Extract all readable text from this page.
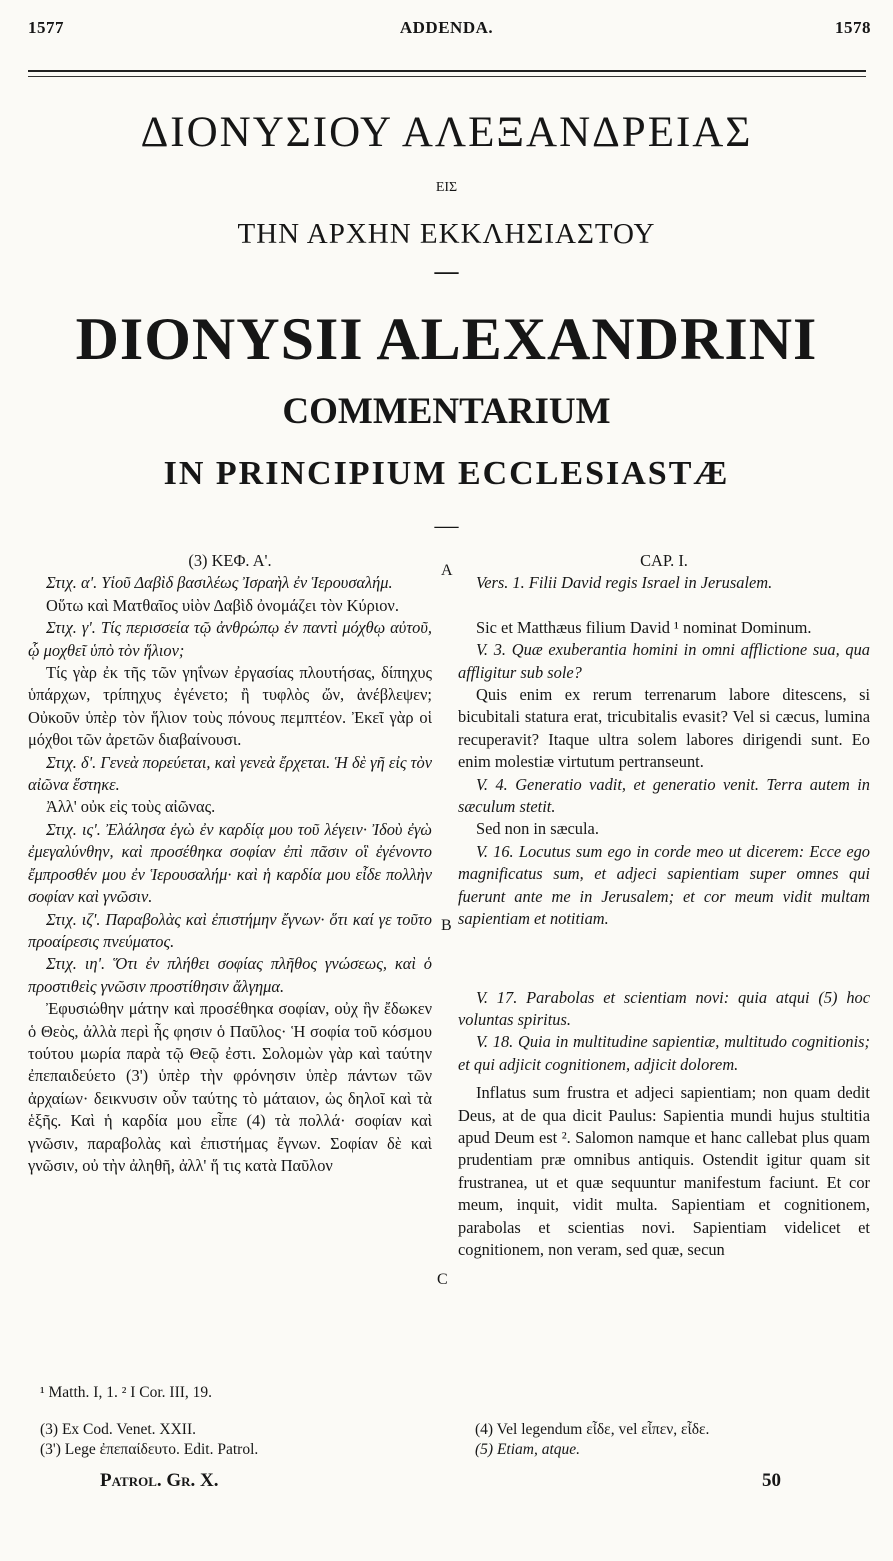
1577	ADDENDA.	1578
ΔΙΟΝΥΣΙΟΥ ΑΛΕΞΑΝΔΡΕΙΑΣ
ΕΙΣ
ΤΗΝ ΑΡΧΗΝ ΕΚΚΛΗΣΙΑΣΤΟΥ
—
DIONYSII ALEXANDRINI
COMMENTARIUM
IN PRINCIPIUM ECCLESIASTÆ
—

(3) ΚΕΦ. Α'.

Στιχ. α'. Υἱοῦ Δαβὶδ βασιλέως Ἰσραὴλ ἐν Ἱερουσαλήμ.

Οὕτω καὶ Ματθαῖος υἱὸν Δαβὶδ ὀνομάζει τὸν Κύριον.

Στιχ. γ'. Τίς περισσεία τῷ ἀνθρώπῳ ἐν παντὶ μόχθῳ αὐτοῦ, ᾧ μοχθεῖ ὑπὸ τὸν ἥλιον;

Τίς γὰρ ἐκ τῆς τῶν γηΐνων ἐργασίας πλουτήσας, δίπηχυς ὑπάρχων, τρίπηχυς ἐγένετο; ἢ τυφλὸς ὤν, ἀνέβλεψεν; Οὐκοῦν ὑπὲρ τὸν ἥλιον τοὺς πόνους πεμπτέον. Ἐκεῖ γὰρ οἱ μόχθοι τῶν ἀρετῶν διαβαίνουσι.

Στιχ. δ'. Γενεὰ πορεύεται, καὶ γενεὰ ἔρχεται. Ἡ δὲ γῆ εἰς τὸν αἰῶνα ἕστηκε.

Ἀλλ' οὐκ εἰς τοὺς αἰῶνας.

Στιχ. ις'. Ἐλάλησα ἐγὼ ἐν καρδίᾳ μου τοῦ λέγειν· Ἰδοὺ ἐγὼ ἐμεγαλύνθην, καὶ προσέθηκα σοφίαν ἐπὶ πᾶσιν οἳ ἐγένοντο ἔμπροσθέν μου ἐν Ἱερουσαλήμ· καὶ ἡ καρδία μου εἶδε πολλὴν σοφίαν καὶ γνῶσιν.

Στιχ. ιζ'. Παραβολὰς καὶ ἐπιστήμην ἔγνων· ὅτι καί γε τοῦτο προαίρεσις πνεύματος.

Στιχ. ιη'. Ὅτι ἐν πλήθει σοφίας πλῆθος γνώσεως, καὶ ὁ προστιθεὶς γνῶσιν προστίθησιν ἄλγημα.

Ἐφυσιώθην μάτην καὶ προσέθηκα σοφίαν, οὐχ ἣν ἔδωκεν ὁ Θεὸς, ἀλλὰ περὶ ἧς φησιν ὁ Παῦλος· Ἡ σοφία τοῦ κόσμου τούτου μωρία παρὰ τῷ Θεῷ ἐστι. Σολομὼν γὰρ καὶ ταύτην ἐπεπαιδεύετο (3') ὑπὲρ τὴν φρόνησιν ὑπὲρ πάντων τῶν ἀρχαίων· δεικνυσιν οὖν ταύτης τὸ μάταιον, ὡς δηλοῖ καὶ τὰ ἑξῆς. Καὶ ἡ καρδία μου εἶπε (4) τὰ πολλά· σοφίαν καὶ γνῶσιν, παραβολὰς καὶ ἐπιστήμας ἔγνων. Σοφίαν δὲ καὶ γνῶσιν, οὐ τὴν ἀληθῆ, ἀλλ' ἥ τις κατὰ Παῦλον

A
B
C

CAP. I.

Vers. 1. Filii David regis Israel in Jerusalem.

Sic et Matthæus filium David ¹ nominat Dominum.

V. 3. Quæ exuberantia homini in omni afflictione sua, qua affligitur sub sole?

Quis enim ex rerum terrenarum labore ditescens, si bicubitali statura erat, tricubitalis evasit? Vel si cæcus, lumina recuperavit? Itaque ultra solem labores dirigendi sunt. Eo enim molestiæ virtutum pertranseunt.

V. 4. Generatio vadit, et generatio venit. Terra autem in sæculum stetit.

Sed non in sæcula.

V. 16. Locutus sum ego in corde meo ut dicerem: Ecce ego magnificatus sum, et adjeci sapientiam super omnes qui fuerunt ante me in Jerusalem; et cor meum vidit multam sapientiam et notitiam.

V. 17. Parabolas et scientiam novi: quia atqui (5) hoc voluntas spiritus.

V. 18. Quia in multitudine sapientiæ, multitudo cognitionis; et qui adjicit cognitionem, adjicit dolorem.

Inflatus sum frustra et adjeci sapientiam; non quam dedit Deus, at de qua dicit Paulus: Sapientia mundi hujus stultitia apud Deum est ². Salomon namque et hanc callebat plus quam prudentiam præ omnibus antiquis. Ostendit igitur quam sit frustranea, ut et quæ sequuntur manifestum faciunt. Et cor meum, inquit, vidit multa. Sapientiam et cognitionem, parabolas et scientias novi. Sapientiam videlicet et cognitionem, non veram, sed quæ, secun

¹ Matth. I, 1. ² I Cor. III, 19.
(3) Ex Cod. Venet. XXII.
(3') Lege ἐπεπαίδευτο. Edit. Patrol.
(4) Vel legendum εἶδε, vel εἶπεν, εἶδε.
(5) Etiam, atque.
Patrol. Gr. X.	50
